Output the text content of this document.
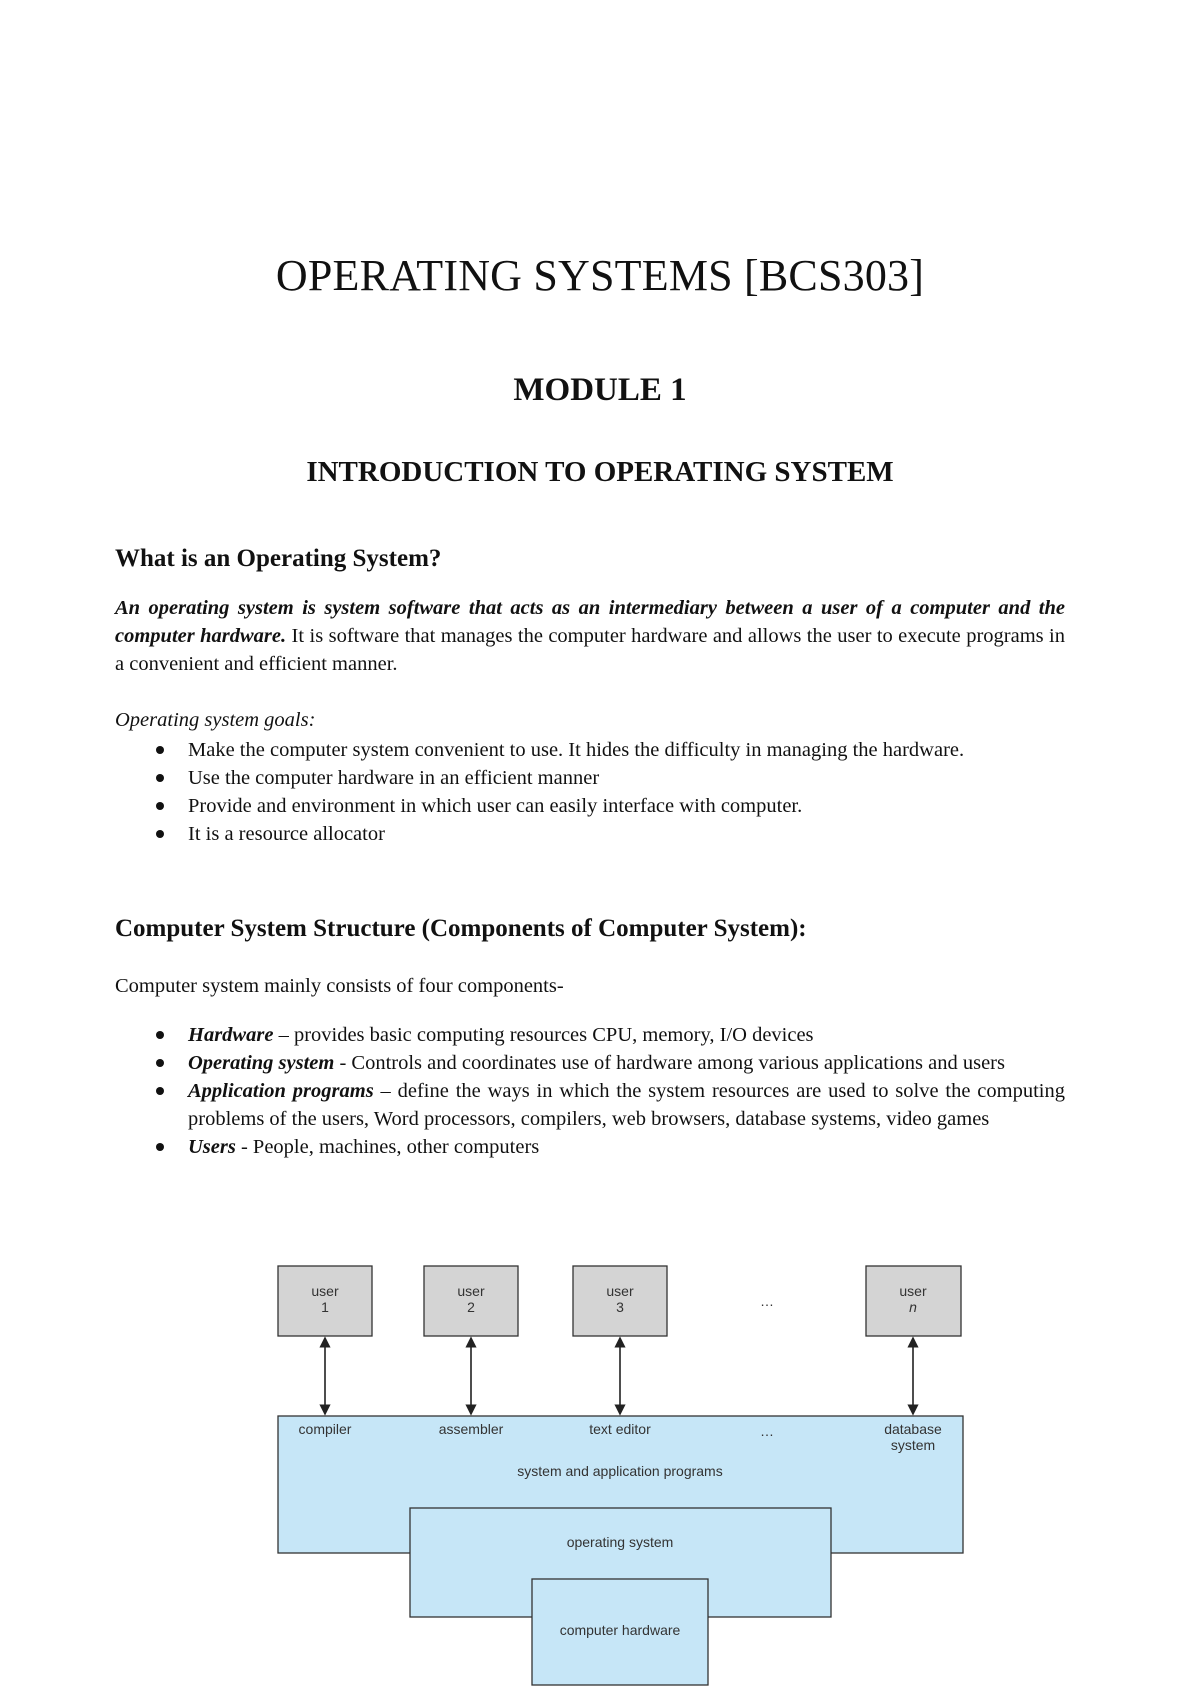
OPERATING SYSTEMS [BCS303]
MODULE 1
INTRODUCTION TO OPERATING SYSTEM
What is an Operating System?

An operating system is system software that acts as an intermediary between a user of a computer and the computer hardware. It is software that manages the computer hardware and allows the user to execute programs in a convenient and efficient manner.

Operating system goals:

Make the computer system convenient to use. It hides the difficulty in managing the hardware.
Use the computer hardware in an efficient manner
Provide and environment in which user can easily interface with computer.
It is a resource allocator
Computer System Structure (Components of Computer System):

Computer system mainly consists of four components-

Hardware – provides basic computing resources CPU, memory, I/O devices
Operating system - Controls and coordinates use of hardware among various applications and users
Application programs – define the ways in which the system resources are used to solve the computing problems of the users, Word processors, compilers, web browsers, database systems, video games
Users - People, machines, other computers
user
1
user
2
user
3
user
n
…
compiler	assembler	text editor	…	database
system
system and application programs
operating system
computer hardware
